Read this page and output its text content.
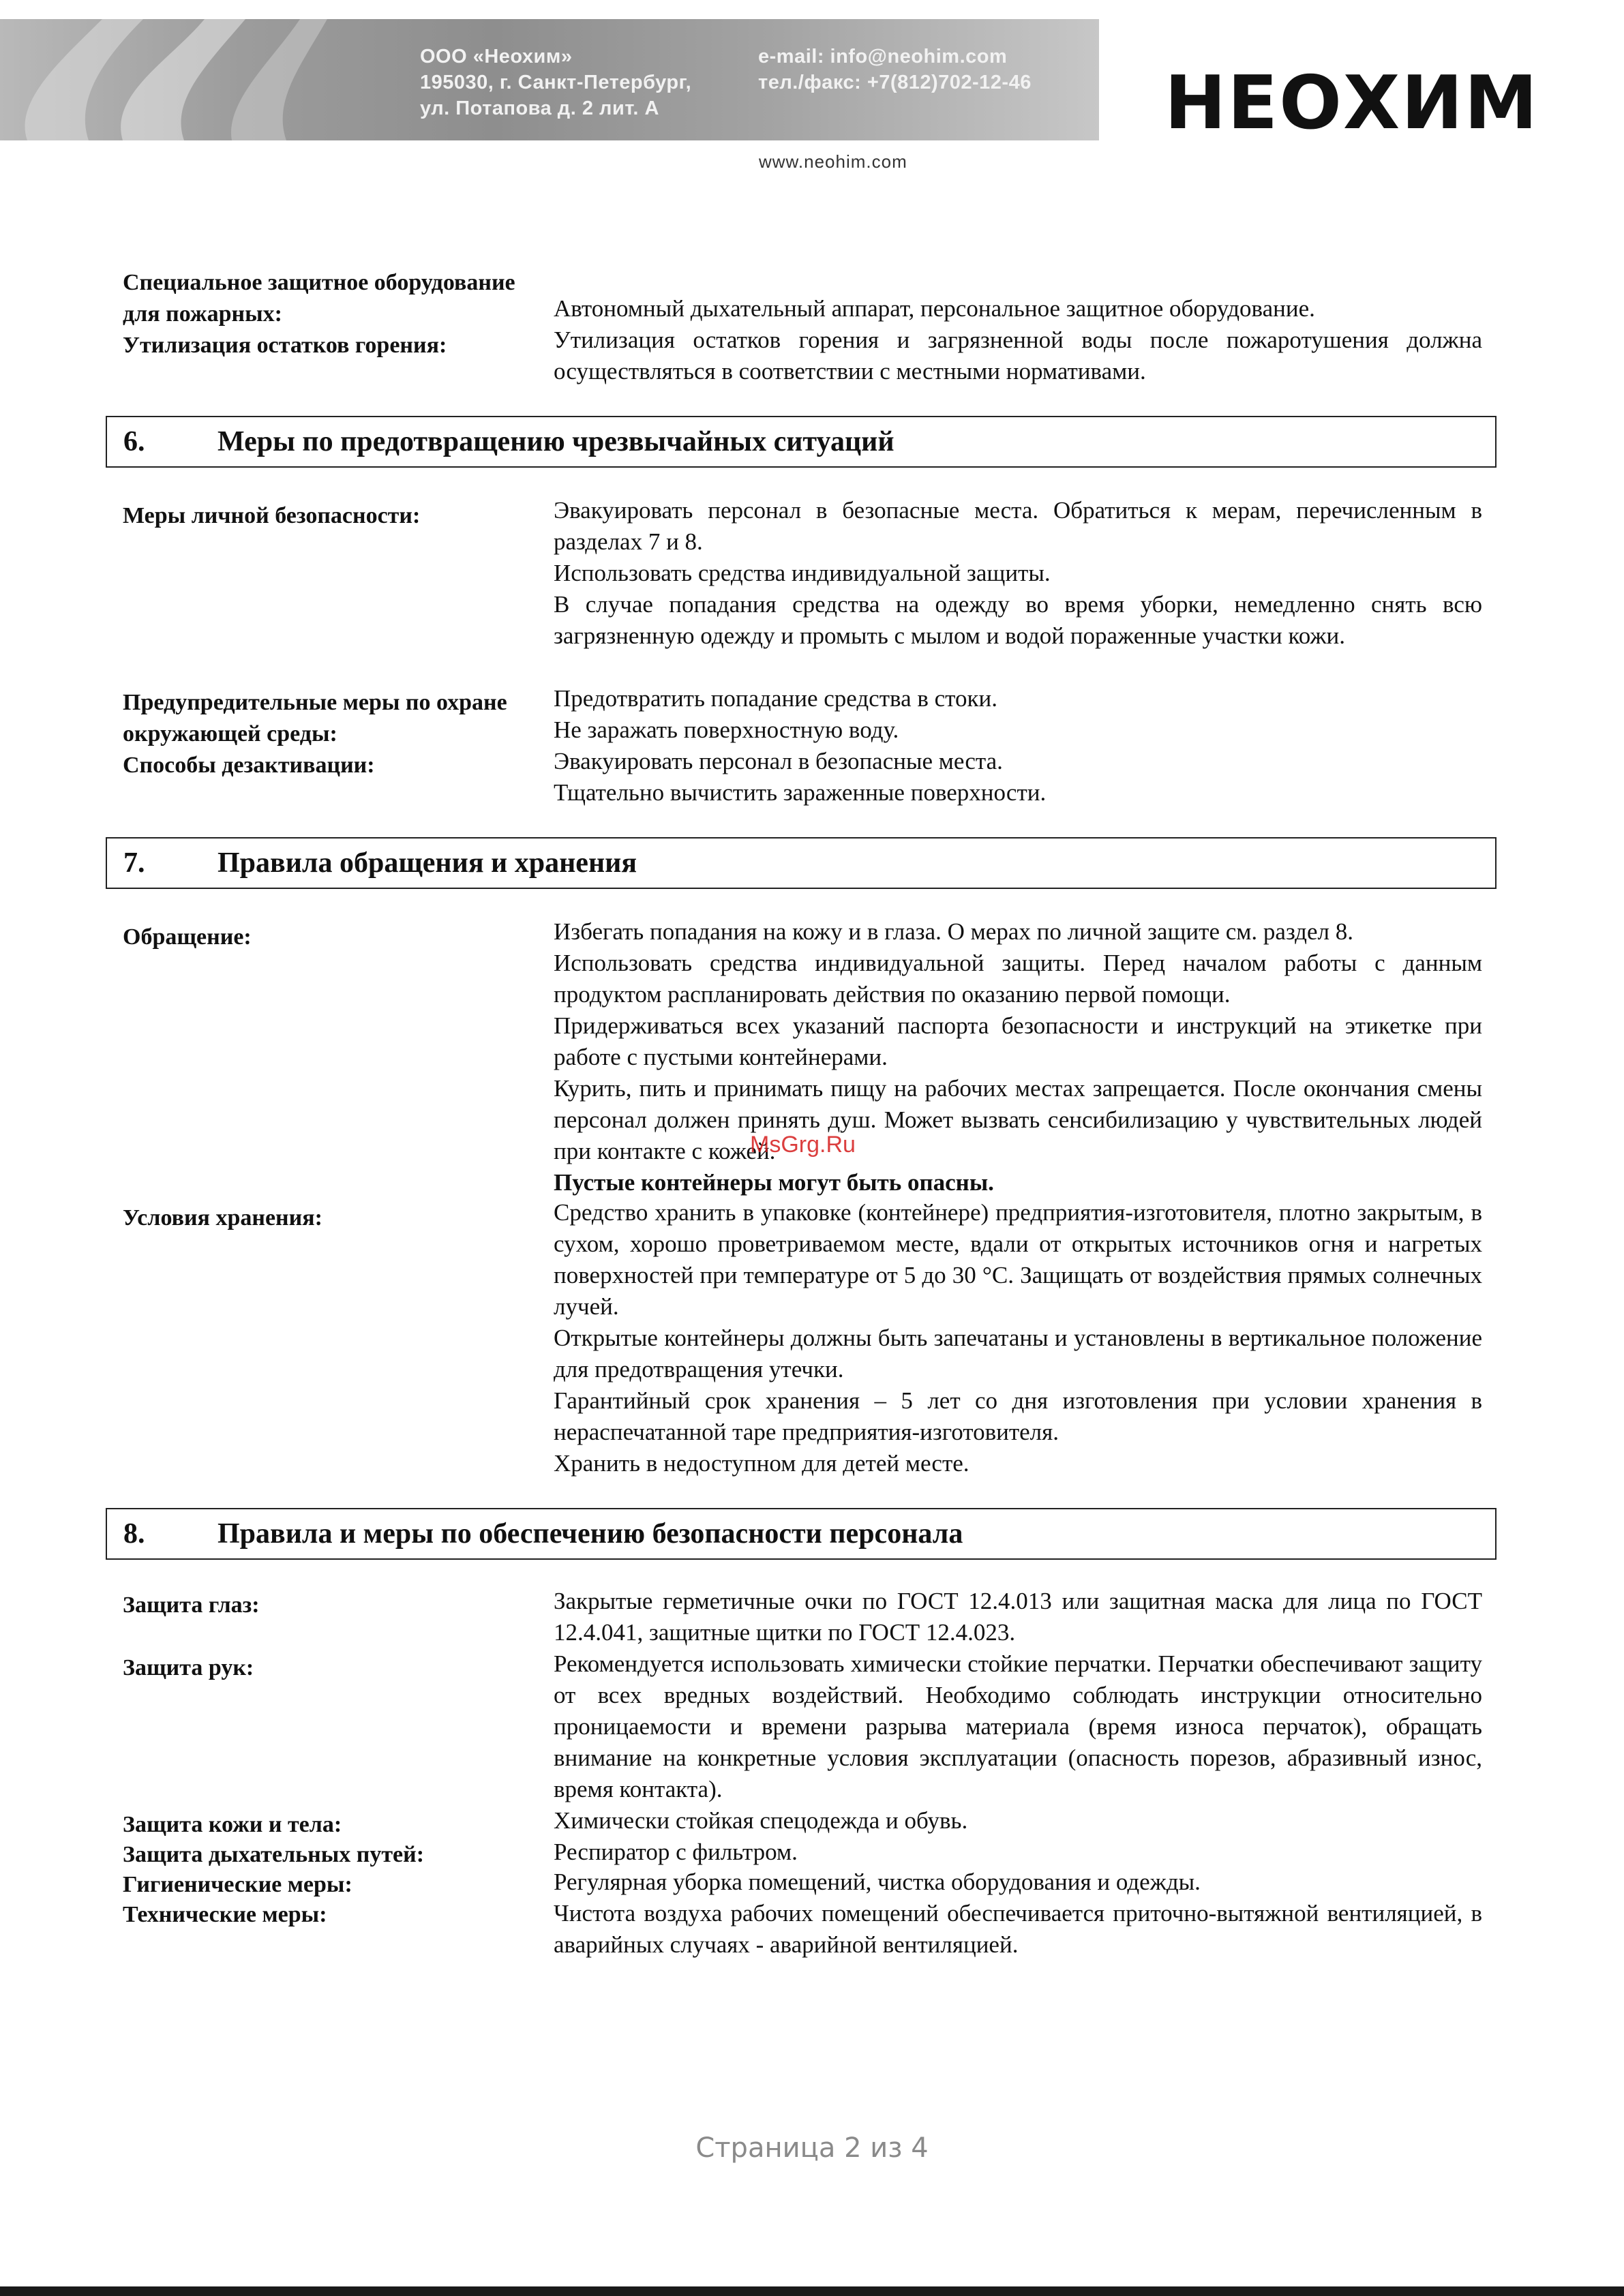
ООО «Неохим»
195030, г. Санкт-Петербург,
ул. Потапова д. 2 лит. А
e-mail: info@neohim.com
тел./факс: +7(812)702-12-46
www.neohim.com
НЕОХИМ
Специальное защитное оборудование для пожарных:	Автономный дыхательный аппарат, персональное защитное оборудование.

Утилизация остатков горения:	Утилизация остатков горения и загрязненной воды после пожаротушения должна осуществляться в соответствии с местными нормативами.

6.	Меры по предотвращению чрезвычайных ситуаций
Меры личной безопасности:	Эвакуировать персонал в безопасные места. Обратиться к мерам, перечисленным в разделах 7 и 8.

Использовать средства индивидуальной защиты.

В случае попадания средства на одежду во время уборки, немедленно снять всю загрязненную одежду и промыть с мылом и водой пораженные участки кожи.

Предупредительные меры по охране окружающей среды:

Предотвратить попадание средства в стоки.

Не заражать поверхностную воду.

Способы дезактивации:	Эвакуировать персонал в безопасные места.

Тщательно вычистить зараженные поверхности.

7.	Правила обращения и хранения
Обращение:	Избегать попадания на кожу и в глаза. О мерах по личной защите см. раздел 8.

Использовать средства индивидуальной защиты. Перед началом работы с данным продуктом распланировать действия по оказанию первой помощи.

Придерживаться всех указаний паспорта безопасности и инструкций на этикетке при работе с пустыми контейнерами.

Курить, пить и принимать пищу на рабочих местах запрещается. После окончания смены персонал должен принять душ. Может вызвать сенсибилизацию у чувствительных людей при контакте с кожей.

Пустые контейнеры могут быть опасны.

Условия хранения:	Средство хранить в упаковке (контейнере) предприятия-изготовителя, плотно закрытым, в сухом, хорошо проветриваемом месте, вдали от открытых источников огня и нагретых поверхностей при температуре от 5 до 30 °С. Защищать от воздействия прямых солнечных лучей.

Открытые контейнеры должны быть запечатаны и установлены в вертикальное положение для предотвращения утечки.

Гарантийный срок хранения – 5 лет со дня изготовления при условии хранения в нераспечатанной таре предприятия-изготовителя.

Хранить в недоступном для детей месте.

MsGrg.Ru
8.	Правила и меры по обеспечению безопасности персонала
Защита глаз:	Закрытые герметичные очки по ГОСТ 12.4.013 или защитная маска для лица по ГОСТ 12.4.041, защитные щитки по ГОСТ 12.4.023.

Защита рук:	Рекомендуется использовать химически стойкие перчатки. Перчатки обеспечивают защиту от всех вредных воздействий. Необходимо соблюдать инструкции относительно проницаемости и времени разрыва материала (время износа перчаток), обращать внимание на конкретные условия эксплуатации (опасность порезов, абразивный износ, время контакта).

Защита кожи и тела:	Химически стойкая спецодежда и обувь.

Защита дыхательных путей:	Респиратор с фильтром.

Гигиенические меры:	Регулярная уборка помещений, чистка оборудования и одежды.

Технические меры:	Чистота воздуха рабочих помещений обеспечивается приточно-вытяжной вентиляцией, в аварийных случаях - аварийной вентиляцией.

Страница 2 из 4
